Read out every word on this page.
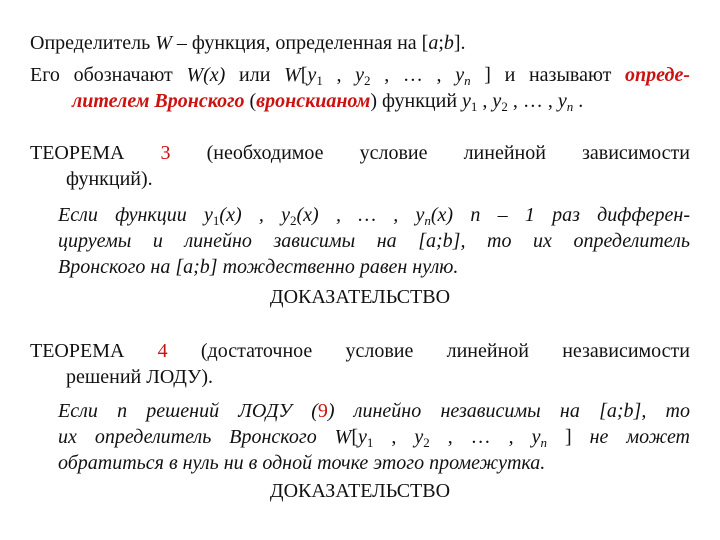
Определитель W – функция, определенная на [a;b].
Его обозначают W(x) или $W[y_1$ , $y_2$ , … , $y_n$ ] и называют опреде-
лителем Вронского (вронскианом) функций $y_1$ , $y_2$ , … , $y_n$ .
ТЕОРЕМА 3 (необходимое условие линейной зависимости
функций).
Если функции $y_1(x)$ , $y_2(x)$ , … , $y_n(x)$ n – 1 раз дифферен-
цируемы и линейно зависимы на [a;b], то их определитель
Вронского на [a;b] тождественно равен нулю.
ДОКАЗАТЕЛЬСТВО
ТЕОРЕМА 4 (достаточное условие линейной независимости
решений ЛОДУ).
Если n решений ЛОДУ (9) линейно независимы на [a;b], то
их определитель Вронского $W[y_1$ , $y_2$ , … , $y_n$ ] не может
обратиться в нуль ни в одной точке этого промежутка.
ДОКАЗАТЕЛЬСТВО
